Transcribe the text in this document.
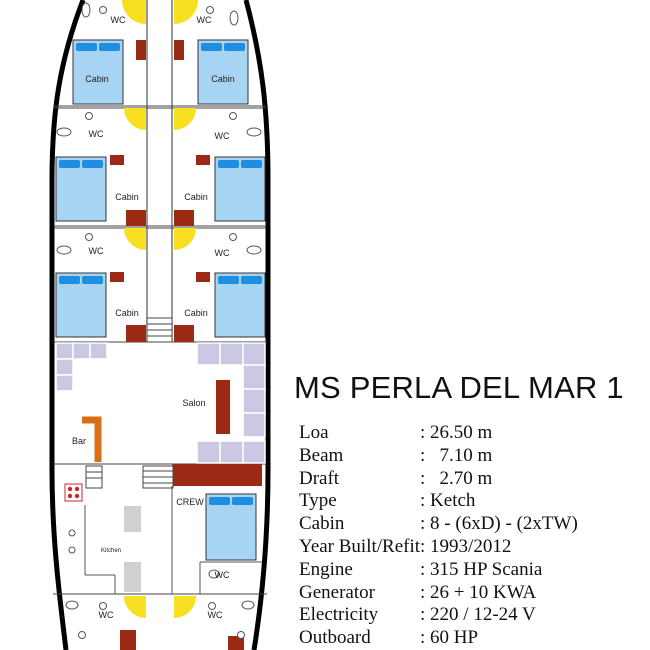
WC	WC
Cabin	Cabin
WC	WC
Cabin	Cabin
WC	WC
Cabin	Cabin
Salon
Bar
Kitchen
CREW
WC
WC	WC
MS PERLA DEL MAR 1
Loa	:	26.50 m
Beam	:	7.10 m
Draft	:	2.70 m
Type	:	Ketch
Cabin	:	8 - (6xD) - (2xTW)
Year Built/Refit	:	1993/2012
Engine	:	315 HP Scania
Generator	:	26 + 10 KWA
Electricity	:	220 / 12-24 V
Outboard	:	60 HP
